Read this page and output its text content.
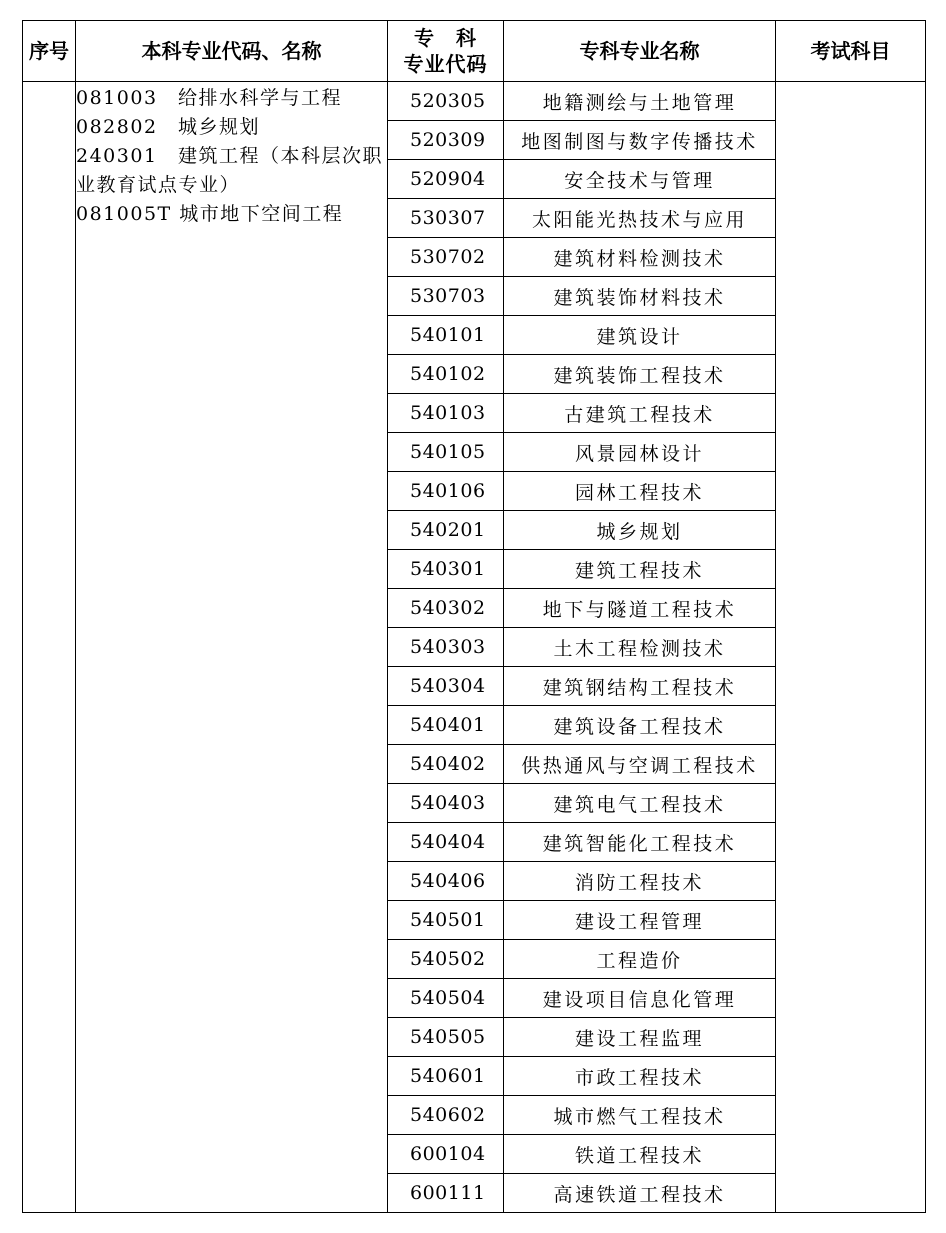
序号	本科专业代码、名称	专　科
专业代码	专科专业名称	考试科目

	081003　给排水科学与工程
082802　城乡规划
240301　建筑工程（本科层次职业教育试点专业）
081005T 城市地下空间工程	520305	地籍测绘与土地管理	
		520309	地图制图与数字传播技术	
		520904	安全技术与管理	
		530307	太阳能光热技术与应用	
		530702	建筑材料检测技术	
		530703	建筑装饰材料技术	
		540101	建筑设计	
		540102	建筑装饰工程技术	
		540103	古建筑工程技术	
		540105	风景园林设计	
		540106	园林工程技术	
		540201	城乡规划	
		540301	建筑工程技术	
		540302	地下与隧道工程技术	
		540303	土木工程检测技术	
		540304	建筑钢结构工程技术	
		540401	建筑设备工程技术	
		540402	供热通风与空调工程技术	
		540403	建筑电气工程技术	
		540404	建筑智能化工程技术	
		540406	消防工程技术	
		540501	建设工程管理	
		540502	工程造价	
		540504	建设项目信息化管理	
		540505	建设工程监理	
		540601	市政工程技术	
		540602	城市燃气工程技术	
		600104	铁道工程技术	
		600111	高速铁道工程技术	
